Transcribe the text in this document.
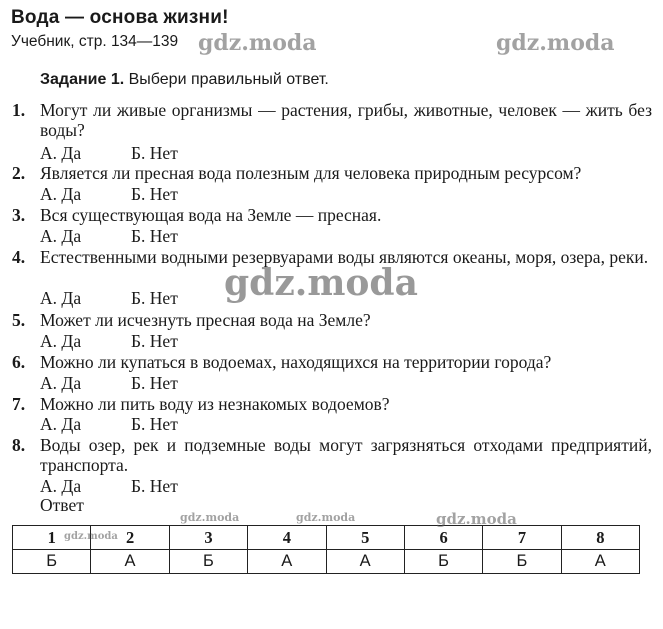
Вода — основа жизни!
Учебник, стр. 134—139
Задание 1. Выбери правильный ответ.
1. Могут ли живые организмы — растения, грибы, животные, человек — жить без воды?
А. Да	Б. Нет
2. Является ли пресная вода полезным для человека природным ресурсом?
А. Да	Б. Нет
3. Вся существующая вода на Земле — пресная.
А. Да	Б. Нет
4. Естественными водными резервуарами воды являются океаны, моря, озера, реки.
А. Да	Б. Нет
5. Может ли исчезнуть пресная вода на Земле?
А. Да	Б. Нет
6. Можно ли купаться в водоемах, находящихся на территории города?
А. Да	Б. Нет
7. Можно ли пить воду из незнакомых водоемов?
А. Да	Б. Нет
8. Воды озер, рек и подземные воды могут загрязняться отходами предприятий, транспорта.
А. Да	Б. Нет
Ответ
1	2	3	4	5	6	7	8
Б	А	Б	А	А	Б	Б	А
gdz.moda	gdz.moda
gdz.moda
gdz.moda	gdz.moda	gdz.moda
gdz.moda
